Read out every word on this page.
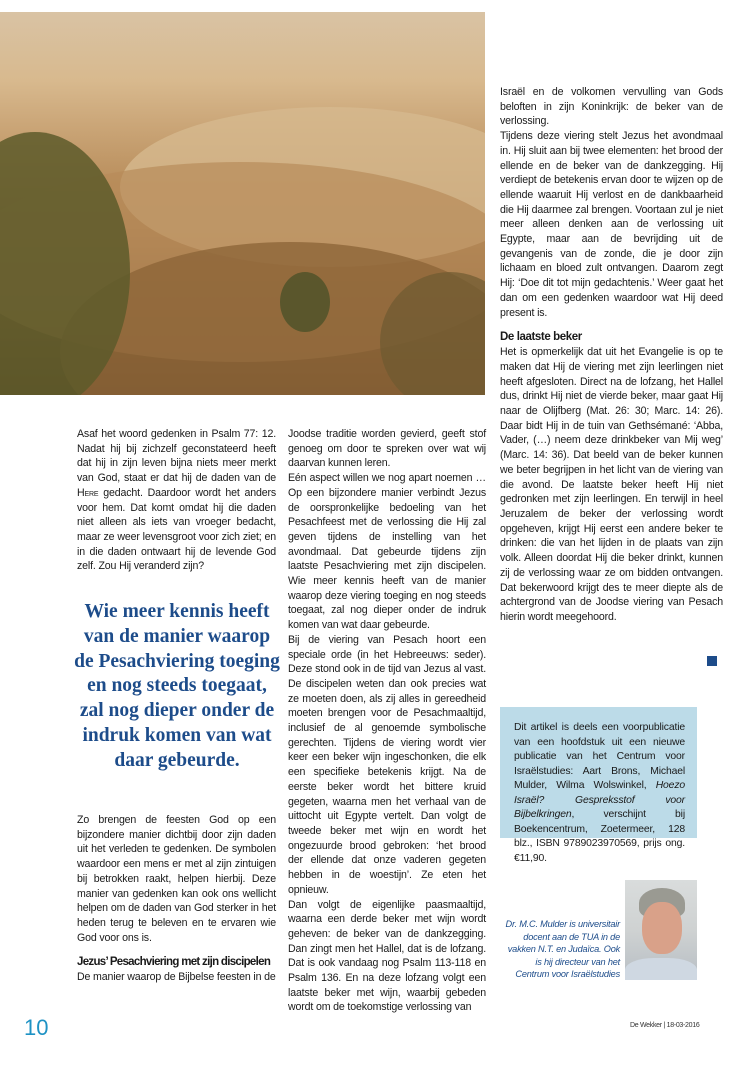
Asaf het woord gedenken in Psalm 77: 12. Nadat hij bij zichzelf geconstateerd heeft dat hij in zijn leven bijna niets meer merkt van God, staat er dat hij de daden van de Here gedacht. Daardoor wordt het anders voor hem. Dat komt omdat hij die daden niet alleen als iets van vroeger bedacht, maar ze weer levensgroot voor zich ziet; en in die daden ontwaart hij de levende God zelf. Zou Hij veranderd zijn?

Wie meer kennis heeft van de manier waarop de Pesachviering toeging en nog steeds toegaat, zal nog dieper onder de indruk komen van wat daar gebeurde.

Zo brengen de feesten God op een bijzondere manier dichtbij door zijn daden uit het verleden te gedenken. De symbolen waardoor een mens er met al zijn zintuigen bij betrokken raakt, helpen hierbij. Deze manier van gedenken kan ook ons wellicht helpen om de daden van God sterker in het heden terug te beleven en te ervaren wie God voor ons is.

Jezus’ Pesachviering met zijn discipelen

De manier waarop de Bijbelse feesten in de

Joodse traditie worden gevierd, geeft stof genoeg om door te spreken over wat wij daarvan kunnen leren.

Eén aspect willen we nog apart noemen … Op een bijzondere manier verbindt Jezus de oorspronkelijke bedoeling van het Pesachfeest met de verlossing die Hij zal geven tijdens de instelling van het avondmaal. Dat gebeurde tijdens zijn laatste Pesachviering met zijn discipelen. Wie meer kennis heeft van de manier waarop deze viering toeging en nog steeds toegaat, zal nog dieper onder de indruk komen van wat daar gebeurde.

Bij de viering van Pesach hoort een speciale orde (in het Hebreeuws: seder). Deze stond ook in de tijd van Jezus al vast. De discipelen weten dan ook precies wat ze moeten doen, als zij alles in gereedheid moeten brengen voor de Pesachmaaltijd, inclusief de al genoemde symbolische gerechten. Tijdens de viering wordt vier keer een beker wijn ingeschonken, die elk een specifieke betekenis krijgt. Na de eerste beker wordt het bittere kruid gegeten, waarna men het verhaal van de uittocht uit Egypte vertelt. Dan volgt de tweede beker met wijn en wordt het ongezuurde brood gebroken: ‘het brood der ellende dat onze vaderen gegeten hebben in de woestijn’. Ze eten het opnieuw.

Dan volgt de eigenlijke paasmaaltijd, waarna een derde beker met wijn wordt geheven: de beker van de dankzegging. Dan zingt men het Hallel, dat is de lofzang. Dat is ook vandaag nog Psalm 113-118 en Psalm 136. En na deze lofzang volgt een laatste beker met wijn, waarbij gebeden wordt om de toekomstige verlossing van

Israël en de volkomen vervulling van Gods beloften in zijn Koninkrijk: de beker van de verlossing.

Tijdens deze viering stelt Jezus het avondmaal in. Hij sluit aan bij twee elementen: het brood der ellende en de beker van de dankzegging. Hij verdiept de betekenis ervan door te wijzen op de ellende waaruit Hij verlost en de dankbaarheid die Hij daarmee zal brengen. Voortaan zul je niet meer alleen denken aan de verlossing uit Egypte, maar aan de bevrijding uit de gevangenis van de zonde, die je door zijn lichaam en bloed zult ontvangen. Daarom zegt Hij: ‘Doe dit tot mijn gedachtenis.’ Weer gaat het dan om een gedenken waardoor wat Hij deed present is.

De laatste beker

Het is opmerkelijk dat uit het Evangelie is op te maken dat Hij de viering met zijn leerlingen niet heeft afgesloten. Direct na de lofzang, het Hallel dus, drinkt Hij niet de vierde beker, maar gaat Hij naar de Olijfberg (Mat. 26: 30; Marc. 14: 26). Daar bidt Hij in de tuin van Gethsémané: ‘Abba, Vader, (…) neem deze drinkbeker van Mij weg’ (Marc. 14: 36). Dat beeld van de beker kunnen we beter begrijpen in het licht van de viering van die avond. De laatste beker heeft Hij niet gedronken met zijn leerlingen. En terwijl in heel Jeruzalem de beker der verlossing wordt opgeheven, krijgt Hij eerst een andere beker te drinken: die van het lijden in de plaats van zijn volk. Alleen doordat Hij die beker drinkt, kunnen zij de verlossing waar ze om bidden ontvangen. Dat bekerwoord krijgt des te meer diepte als de achtergrond van de Joodse viering van Pesach hierin wordt meegehoord.

Dit artikel is deels een voorpublicatie van een hoofdstuk uit een nieuwe publicatie van het Centrum voor Israëlstudies: Aart Brons, Michael Mulder, Wilma Wolswinkel, Hoezo Israël? Gespreksstof voor Bijbelkringen, verschijnt bij Boekencentrum, Zoetermeer, 128 blz., ISBN 9789023970569, prijs ong. €11,90.
Dr. M.C. Mulder is universitair docent aan de TUA in de vakken N.T. en Judaïca. Ook is hij directeur van het Centrum voor Israëlstudies
10	De Wekker | 18-03-2016
